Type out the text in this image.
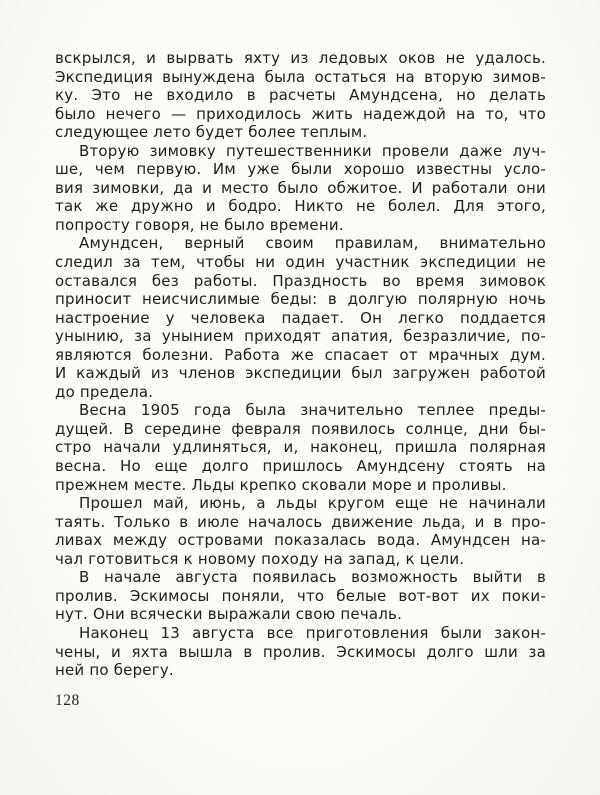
вскрылся, и вырвать яхту из ледовых оков не удалось.
Экспедиция вынуждена была остаться на вторую зимов-
ку. Это не входило в расчеты Амундсена, но делать
было нечего — приходилось жить надеждой на то, что
следующее лето будет более теплым.
Вторую зимовку путешественники провели даже луч-
ше, чем первую. Им уже были хорошо известны усло-
вия зимовки, да и место было обжитое. И работали они
так же дружно и бодро. Никто не болел. Для этого,
попросту говоря, не было времени.
Амундсен, верный своим правилам, внимательно
следил за тем, чтобы ни один участник экспедиции не
оставался без работы. Праздность во время зимовок
приносит неисчислимые беды: в долгую полярную ночь
настроение у человека падает. Он легко поддается
унынию, за унынием приходят апатия, безразличие, по-
являются болезни. Работа же спасает от мрачных дум.
И каждый из членов экспедиции был загружен работой
до предела.
Весна 1905 года была значительно теплее преды-
дущей. В середине февраля появилось солнце, дни бы-
стро начали удлиняться, и, наконец, пришла полярная
весна. Но еще долго пришлось Амундсену стоять на
прежнем месте. Льды крепко сковали море и проливы.
Прошел май, июнь, а льды кругом еще не начинали
таять. Только в июле началось движение льда, и в про-
ливах между островами показалась вода. Амундсен на-
чал готовиться к новому походу на запад, к цели.
В начале августа появилась возможность выйти в
пролив. Эскимосы поняли, что белые вот-вот их поки-
нут. Они всячески выражали свою печаль.
Наконец 13 августа все приготовления были закон-
чены, и яхта вышла в пролив. Эскимосы долго шли за
ней по берегу.
128
